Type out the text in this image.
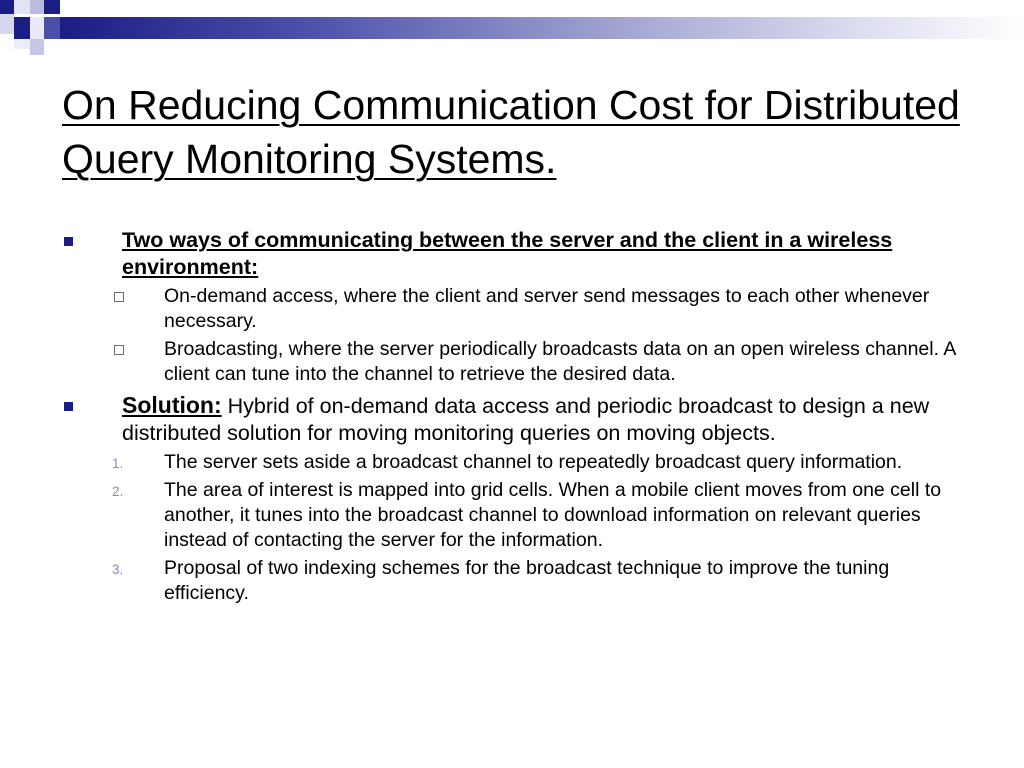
On Reducing Communication Cost for Distributed Query Monitoring Systems.
Two ways of communicating between the server and the client in a wireless environment:
On-demand access, where the client and server send messages to each other whenever necessary.
Broadcasting, where the server periodically broadcasts data on an open wireless channel. A client can tune into the channel to retrieve the desired data.
Solution: Hybrid of on-demand data access and periodic broadcast to design a new distributed solution for moving monitoring queries on moving objects.
1. The server sets aside a broadcast channel to repeatedly broadcast query information.
2. The area of interest is mapped into grid cells. When a mobile client moves from one cell to another, it tunes into the broadcast channel to download information on relevant queries instead of contacting the server for the information.
3. Proposal of two indexing schemes for the broadcast technique to improve the tuning efficiency.
